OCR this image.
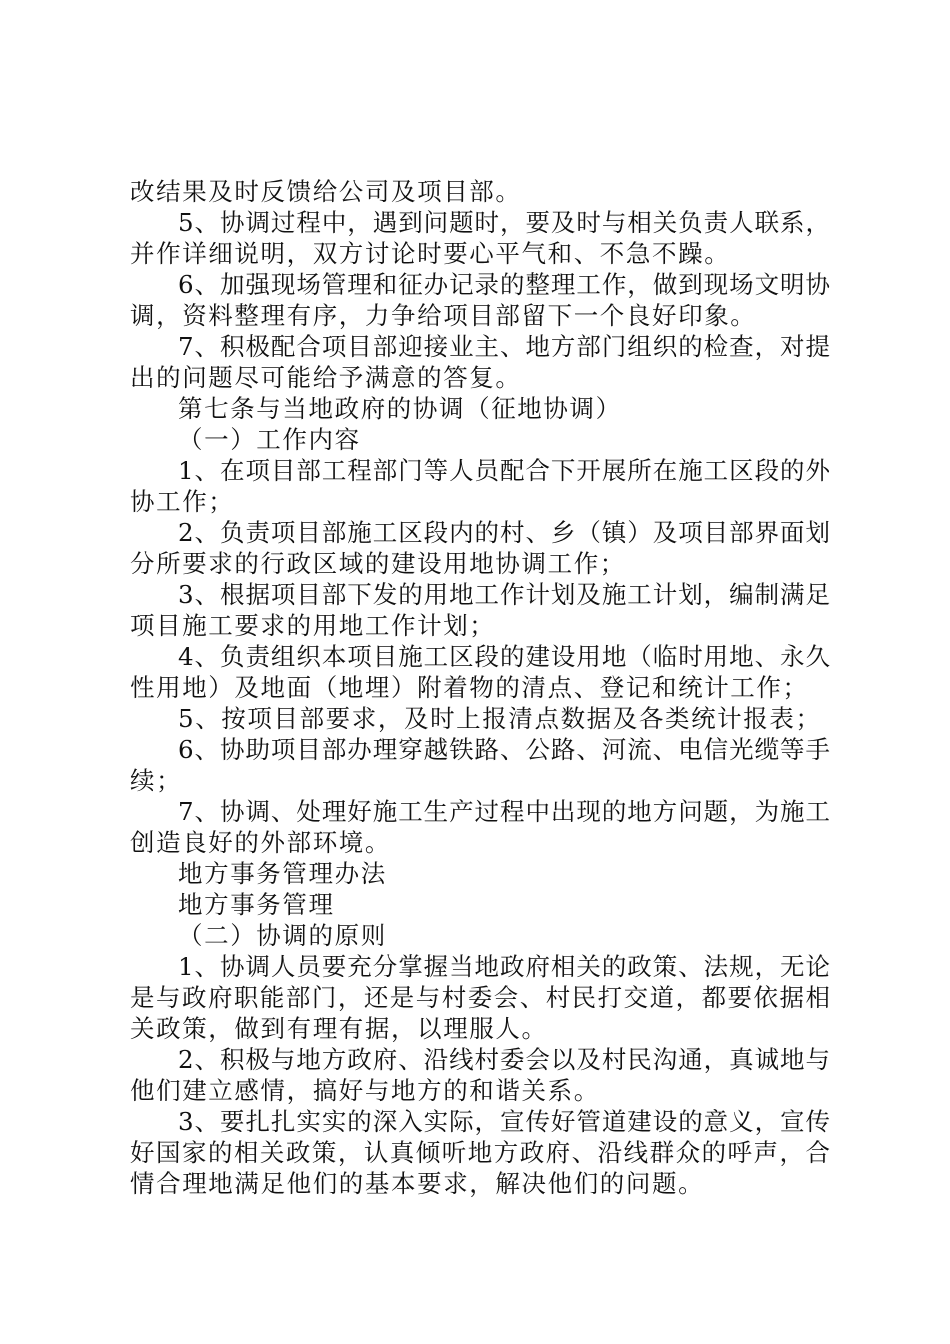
改结果及时反馈给公司及项目部。
5、协调过程中，遇到问题时，要及时与相关负责人联系，
并作详细说明，双方讨论时要心平气和、不急不躁。
6、加强现场管理和征办记录的整理工作，做到现场文明协
调，资料整理有序，力争给项目部留下一个良好印象。
7、积极配合项目部迎接业主、地方部门组织的检查，对提
出的问题尽可能给予满意的答复。
第七条与当地政府的协调（征地协调）
（一）工作内容
1、在项目部工程部门等人员配合下开展所在施工区段的外
协工作；
2、负责项目部施工区段内的村、乡（镇）及项目部界面划
分所要求的行政区域的建设用地协调工作；
3、根据项目部下发的用地工作计划及施工计划，编制满足
项目施工要求的用地工作计划；
4、负责组织本项目施工区段的建设用地（临时用地、永久
性用地）及地面（地埋）附着物的清点、登记和统计工作；
5、按项目部要求，及时上报清点数据及各类统计报表；
6、协助项目部办理穿越铁路、公路、河流、电信光缆等手
续；
7、协调、处理好施工生产过程中出现的地方问题，为施工
创造良好的外部环境。
地方事务管理办法
地方事务管理
（二）协调的原则
1、协调人员要充分掌握当地政府相关的政策、法规，无论
是与政府职能部门，还是与村委会、村民打交道，都要依据相
关政策，做到有理有据，以理服人。
2、积极与地方政府、沿线村委会以及村民沟通，真诚地与
他们建立感情，搞好与地方的和谐关系。
3、要扎扎实实的深入实际，宣传好管道建设的意义，宣传
好国家的相关政策，认真倾听地方政府、沿线群众的呼声，合
情合理地满足他们的基本要求，解决他们的问题。
